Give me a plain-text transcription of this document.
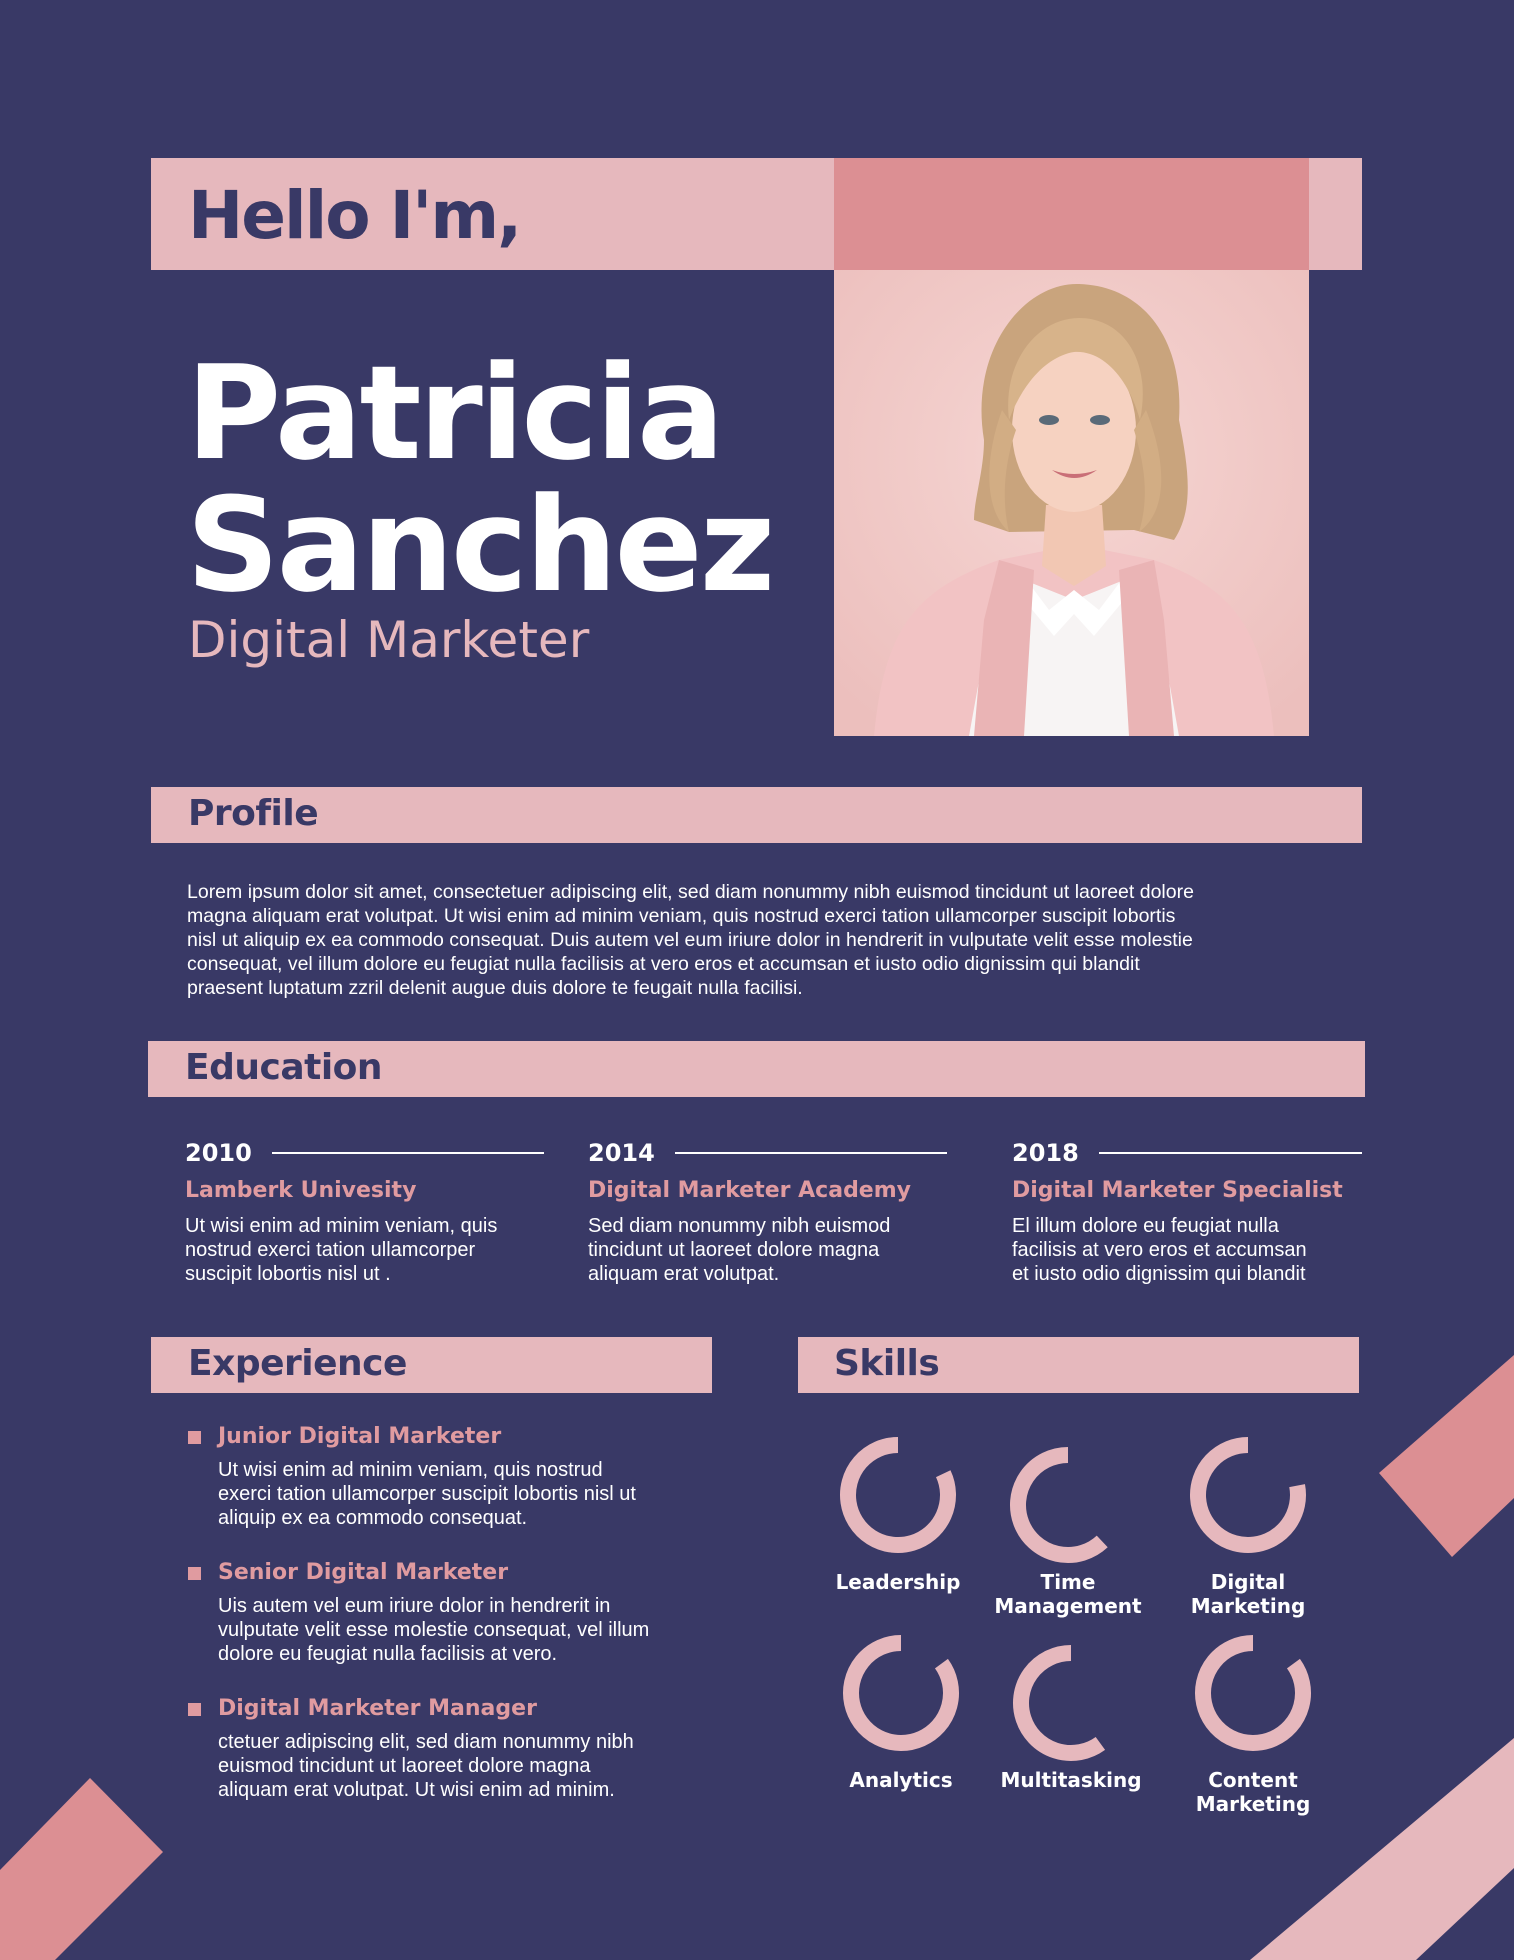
Hello I'm,
Patricia
Sanchez
Digital Marketer
Profile
Lorem ipsum dolor sit amet, consectetuer adipiscing elit, sed diam nonummy nibh euismod tincidunt ut laoreet dolore
magna aliquam erat volutpat. Ut wisi enim ad minim veniam, quis nostrud exerci tation ullamcorper suscipit lobortis
nisl ut aliquip ex ea commodo consequat. Duis autem vel eum iriure dolor in hendrerit in vulputate velit esse molestie
consequat, vel illum dolore eu feugiat nulla facilisis at vero eros et accumsan et iusto odio dignissim qui blandit
praesent luptatum zzril delenit augue duis dolore te feugait nulla facilisi.
Education
2010
Lamberk Univesity
Ut wisi enim ad minim veniam, quis
nostrud exerci tation ullamcorper
suscipit lobortis nisl ut .
2014
Digital Marketer Academy
Sed diam nonummy nibh euismod
tincidunt ut laoreet dolore magna
aliquam erat volutpat.
2018
Digital Marketer Specialist
El illum dolore eu feugiat nulla
facilisis at vero eros et accumsan
et iusto odio dignissim qui blandit
Experience
Junior Digital Marketer
Ut wisi enim ad minim veniam, quis nostrud
exerci tation ullamcorper suscipit lobortis nisl ut
aliquip ex ea commodo consequat.
Senior Digital Marketer
Uis autem vel eum iriure dolor in hendrerit in
vulputate velit esse molestie consequat, vel illum
dolore eu feugiat nulla facilisis at vero.
Digital Marketer Manager
ctetuer adipiscing elit, sed diam nonummy nibh
euismod tincidunt ut laoreet dolore magna
aliquam erat volutpat. Ut wisi enim ad minim.
Skills
Leadership	Time
Management
Digital
Marketing
Analytics	Multitasking	Content
Marketing
